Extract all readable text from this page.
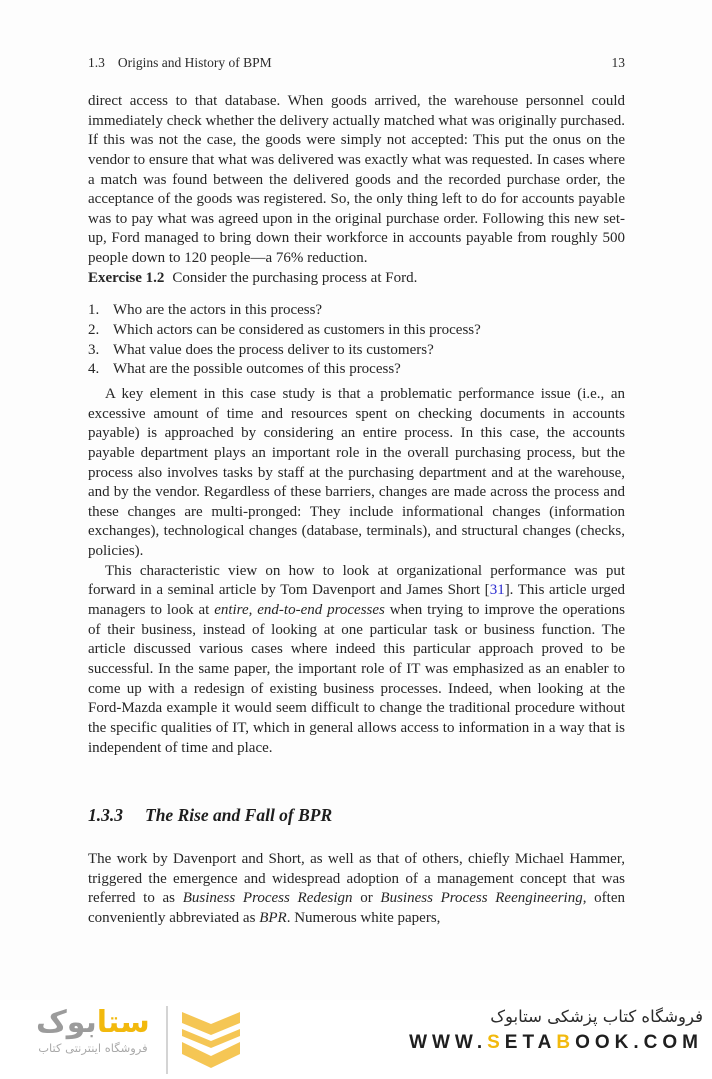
1.3 Origins and History of BPM	13

direct access to that database. When goods arrived, the warehouse personnel could immediately check whether the delivery actually matched what was originally purchased. If this was not the case, the goods were simply not accepted: This put the onus on the vendor to ensure that what was delivered was exactly what was requested. In cases where a match was found between the delivered goods and the recorded purchase order, the acceptance of the goods was registered. So, the only thing left to do for accounts payable was to pay what was agreed upon in the original purchase order. Following this new set-up, Ford managed to bring down their workforce in accounts payable from roughly 500 people down to 120 people—a 76% reduction.

Exercise 1.2 Consider the purchasing process at Ford.

1. Who are the actors in this process?
2. Which actors can be considered as customers in this process?
3. What value does the process deliver to its customers?
4. What are the possible outcomes of this process?

A key element in this case study is that a problematic performance issue (i.e., an excessive amount of time and resources spent on checking documents in accounts payable) is approached by considering an entire process. In this case, the accounts payable department plays an important role in the overall purchasing process, but the process also involves tasks by staff at the purchasing department and at the warehouse, and by the vendor. Regardless of these barriers, changes are made across the process and these changes are multi-pronged: They include informational changes (information exchanges), technological changes (database, terminals), and structural changes (checks, policies).

This characteristic view on how to look at organizational performance was put forward in a seminal article by Tom Davenport and James Short [31]. This article urged managers to look at entire, end-to-end processes when trying to improve the operations of their business, instead of looking at one particular task or business function. The article discussed various cases where indeed this particular approach proved to be successful. In the same paper, the important role of IT was emphasized as an enabler to come up with a redesign of existing business processes. Indeed, when looking at the Ford-Mazda example it would seem difficult to change the traditional procedure without the specific qualities of IT, which in general allows access to information in a way that is independent of time and place.

1.3.3 The Rise and Fall of BPR

The work by Davenport and Short, as well as that of others, chiefly Michael Hammer, triggered the emergence and widespread adoption of a management concept that was referred to as Business Process Redesign or Business Process Reengineering, often conveniently abbreviated as BPR. Numerous white papers,

ستابوک
فروشگاه اینترنتی کتاب
فروشگاه کتاب پزشکی ستابوک
WWW.SETABOOK.COM
